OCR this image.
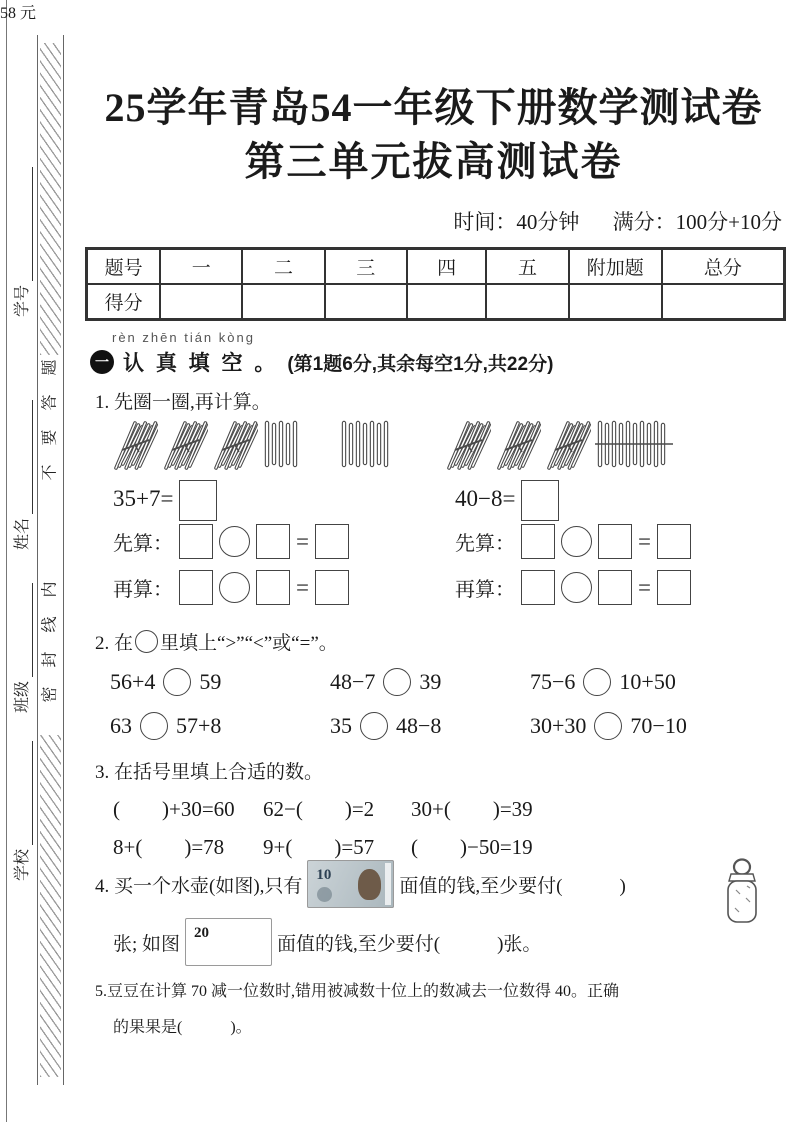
题
答
要
不
内
线
封
密
学号
姓名
班级
学校
25学年青岛54一年级下册数学测试卷
第三单元拔高测试卷
时间：40分钟 满分：100分+10分
题号	一	二	三	四	五	附加题	总分
得分
rèn zhēn tián kòng
一 认 真 填 空 。 (第1题6分,其余每空1分,共22分)
1. 先圈一圈,再计算。
35+7=	40−8=
先算：	=	先算：	=
再算：	=	再算：	=
2. 在 里填上“>”“<”或“=”。
56+4 59	48−7 39	75−6 10+50
63 57+8	35 48−8	30+30 70−10
3. 在括号里填上合适的数。
(　　)+30=60 62−(　　)=2 30+(　　)=39
8+(　　)=78 9+(　　)=57 (　　)−50=19
4. 买一个水壶(如图),只有
10
面值的钱,至少要付(　　　)
张; 如图
20
面值的钱,至少要付(　　　)张。
58 元
5.豆豆在计算 70 减一位数时,错用被减数十位上的数减去一位数得 40。正确
的果果是(　　　)。
